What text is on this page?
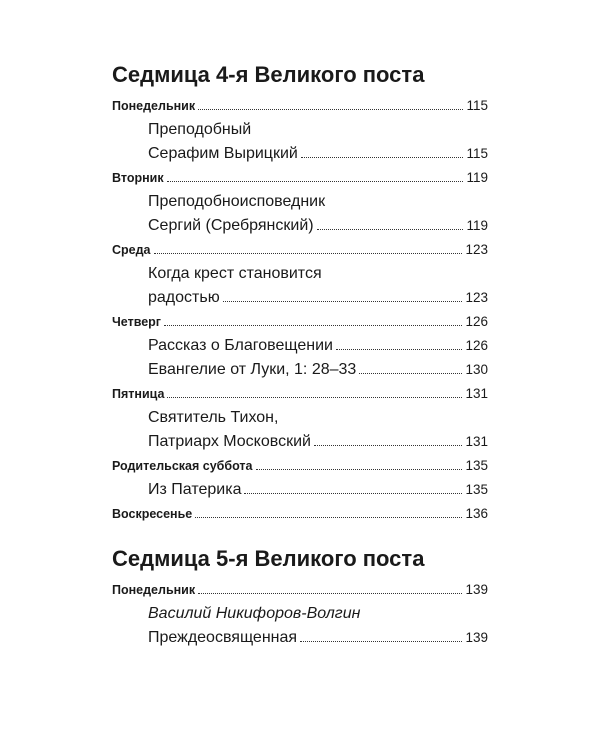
Седмица 4-я Великого поста
Понедельник	115
Преподобный
Серафим Вырицкий	115
Вторник	119
Преподобноисповедник
Сергий (Сребрянский)	119
Среда	123
Когда крест становится
радостью	123
Четверг	126
Рассказ о Благовещении	126
Евангелие от Луки, 1: 28–33	130
Пятница	131
Святитель Тихон,
Патриарх Московский	131
Родительская суббота	135
Из Патерика	135
Воскресенье	136
Седмица 5-я Великого поста
Понедельник	139
Василий Никифоров-Волгин
Преждеосвященная	139
